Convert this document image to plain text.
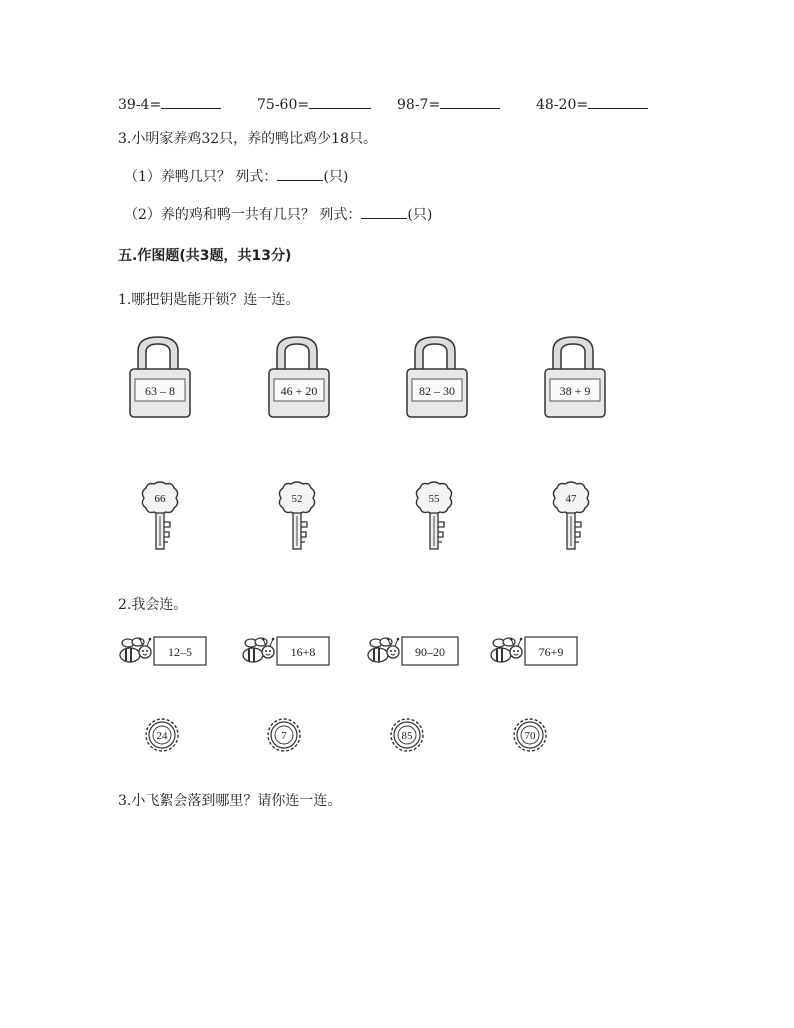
39-4=	75-60=	98-7=	48-20=
3.小明家养鸡32只，养的鸭比鸡少18只。
（1）养鸭几只？ 列式：	(只)
（2）养的鸡和鸭一共有几只？ 列式：	(只)
五.作图题(共3题，共13分)
1.哪把钥匙能开锁？连一连。
63 – 8	46 + 20	82 – 30	38 + 9
66	52	55	47
12–5	16+8	90–20	76+9
24	7	85	70
2.我会连。
3.小飞絮会落到哪里？请你连一连。
